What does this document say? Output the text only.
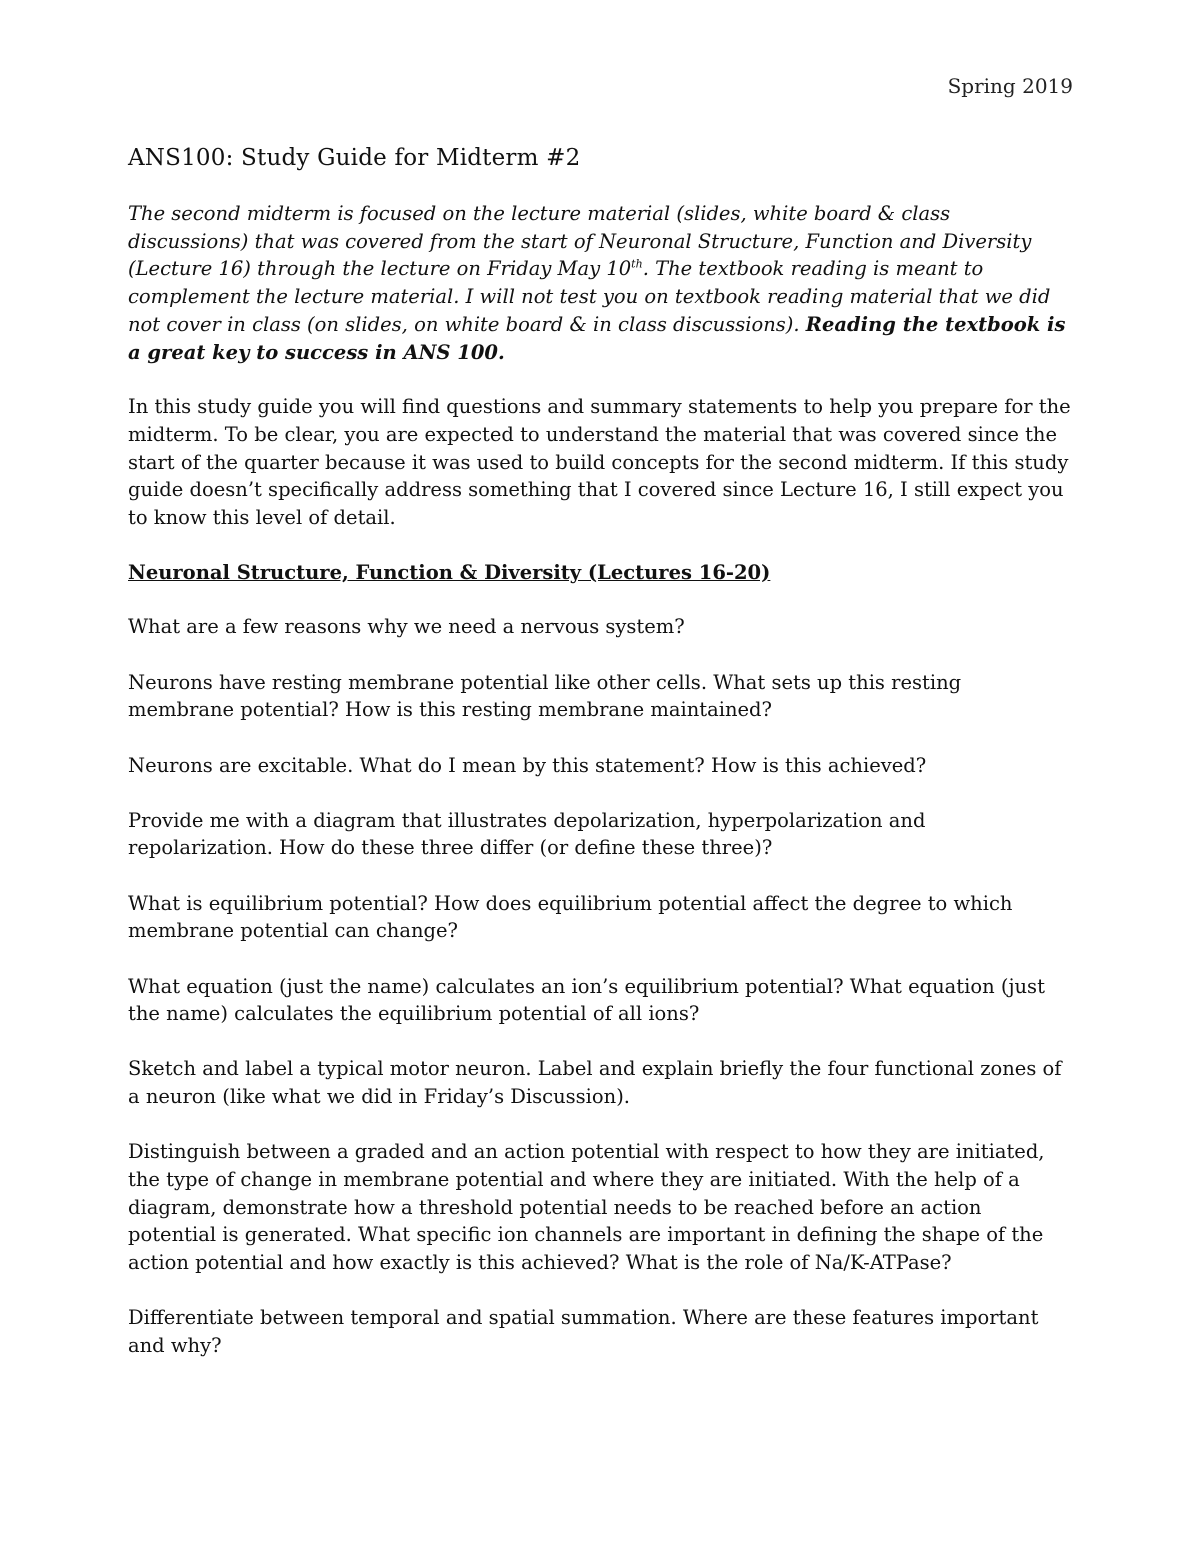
Spring 2019
ANS100: Study Guide for Midterm #2

The second midterm is focused on the lecture material (slides, white board & class discussions) that was covered from the start of Neuronal Structure, Function and Diversity (Lecture 16) through the lecture on Friday May 10th. The textbook reading is meant to complement the lecture material. I will not test you on textbook reading material that we did not cover in class (on slides, on white board & in class discussions). Reading the textbook is a great key to success in ANS 100.

In this study guide you will find questions and summary statements to help you prepare for the midterm. To be clear, you are expected to understand the material that was covered since the start of the quarter because it was used to build concepts for the second midterm. If this study guide doesn’t specifically address something that I covered since Lecture 16, I still expect you to know this level of detail.

Neuronal Structure, Function & Diversity (Lectures 16-20)

What are a few reasons why we need a nervous system?

Neurons have resting membrane potential like other cells. What sets up this resting membrane potential? How is this resting membrane maintained?

Neurons are excitable. What do I mean by this statement? How is this achieved?

Provide me with a diagram that illustrates depolarization, hyperpolarization and repolarization. How do these three differ (or define these three)?

What is equilibrium potential? How does equilibrium potential affect the degree to which membrane potential can change?

What equation (just the name) calculates an ion’s equilibrium potential? What equation (just the name) calculates the equilibrium potential of all ions?

Sketch and label a typical motor neuron. Label and explain briefly the four functional zones of a neuron (like what we did in Friday’s Discussion).

Distinguish between a graded and an action potential with respect to how they are initiated, the type of change in membrane potential and where they are initiated. With the help of a diagram, demonstrate how a threshold potential needs to be reached before an action potential is generated. What specific ion channels are important in defining the shape of the action potential and how exactly is this achieved? What is the role of Na/K-ATPase?

Differentiate between temporal and spatial summation. Where are these features important and why?
